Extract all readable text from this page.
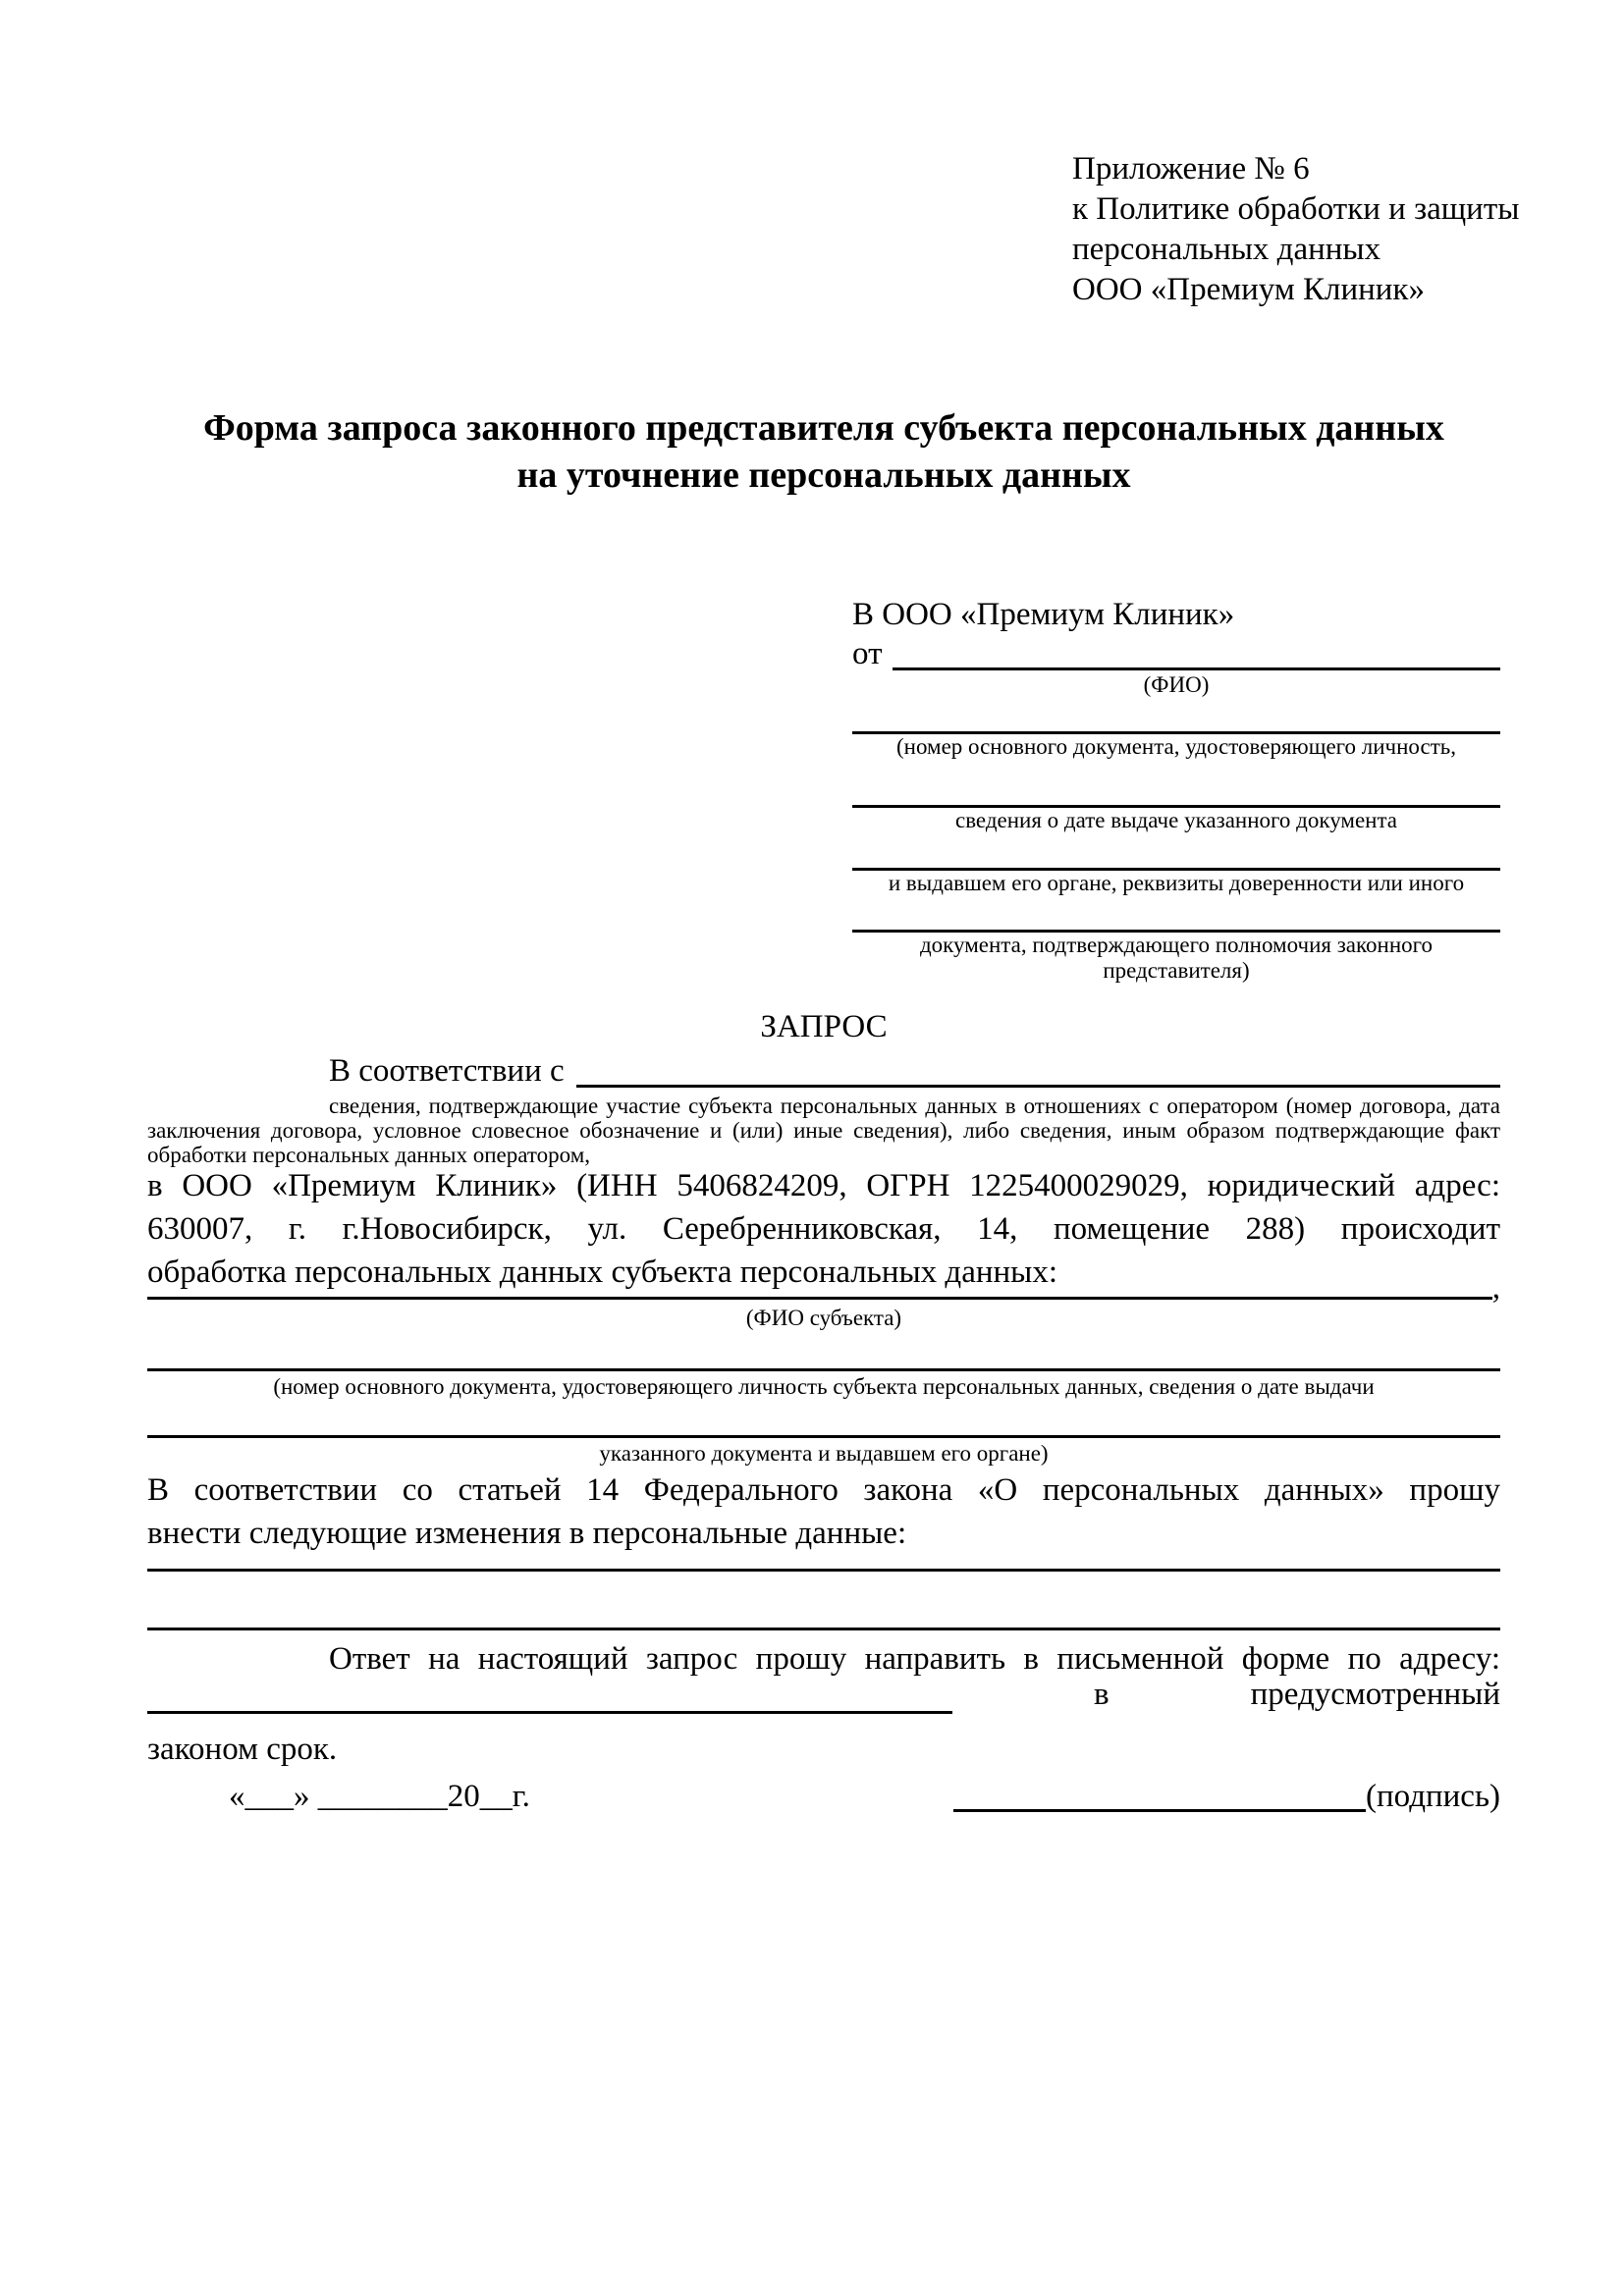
Приложение № 6
к Политике обработки и защиты
персональных данных
ООО «Премиум Клиник»
Форма запроса законного представителя субъекта персональных данных
на уточнение персональных данных
В ООО «Премиум Клиник»
от
(ФИО)
(номер основного документа, удостоверяющего личность,
сведения о дате выдаче указанного документа
и выдавшем его органе, реквизиты доверенности или иного
документа, подтверждающего полномочия законного представителя)
ЗАПРОС
В соответствии с
сведения, подтверждающие участие субъекта персональных данных в отношениях с оператором (номер договора, дата
заключения договора, условное словесное обозначение и (или) иные сведения), либо сведения, иным образом подтверждающие факт
обработки персональных данных оператором,
в ООО «Премиум Клиник» (ИНН 5406824209, ОГРН 1225400029029, юридический адрес:
630007, г. г.Новосибирск, ул. Серебренниковская, 14, помещение 288) происходит
обработка персональных данных субъекта персональных данных:	,
(ФИО субъекта)
(номер основного документа, удостоверяющего личность субъекта персональных данных, сведения о дате выдачи
указанного документа и выдавшем его органе)
В соответствии со статьей 14 Федерального закона «О персональных данных» прошу
внести следующие изменения в персональные данные:
Ответ на настоящий запрос прошу направить в письменной форме по адресу:
в	предусмотренный
законом срок.
«___» ________20__г.	(подпись)
